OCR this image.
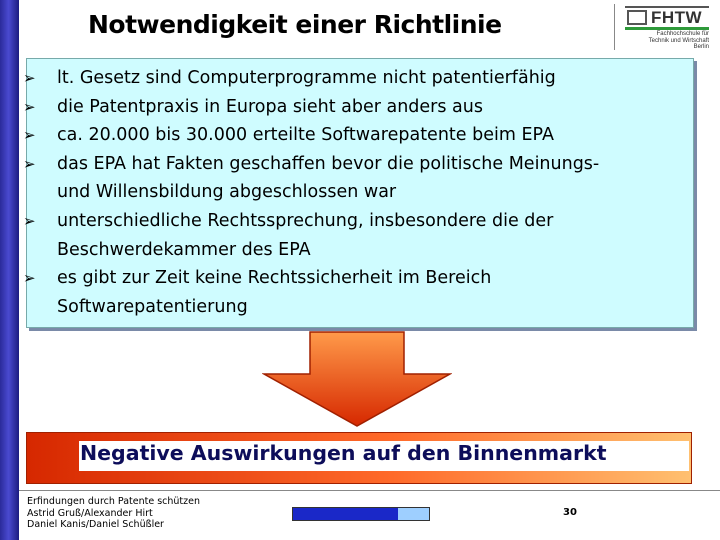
Notwendigkeit einer Richtlinie	FHTW
Fachhochschule für
Technik und Wirtschaft
Berlin
➢ lt. Gesetz sind Computerprogramme nicht patentierfähig
➢ die Patentpraxis in Europa sieht aber anders aus
➢ ca. 20.000 bis 30.000 erteilte Softwarepatente beim EPA
➢ das EPA hat Fakten geschaffen bevor die politische Meinungs-
und Willensbildung abgeschlossen war
➢ unterschiedliche Rechtssprechung, insbesondere die der
Beschwerdekammer des EPA
➢ es gibt zur Zeit keine Rechtssicherheit im Bereich
Softwarepatentierung
Negative Auswirkungen auf den Binnenmarkt
Erfindungen durch Patente schützen
Astrid Gruß/Alexander Hirt
Daniel Kanis/Daniel Schüßler
30
